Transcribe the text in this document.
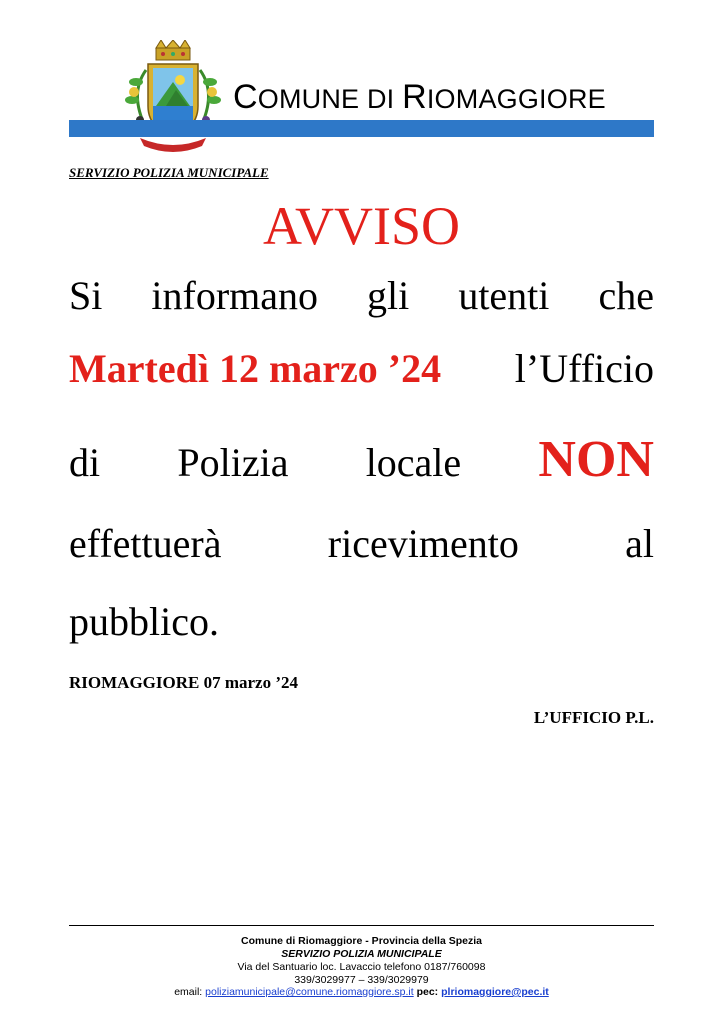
COMUNE DI RIOMAGGIORE
SERVIZIO POLIZIA MUNICIPALE
AVVISO
Si informano gli utenti che
Martedì 12 marzo ’24 l’Ufficio
di Polizia locale NON
effettuerà	ricevimento	al
pubblico.
RIOMAGGIORE 07 marzo ’24
L’UFFICIO P.L.
Comune di Riomaggiore - Provincia della Spezia
SERVIZIO POLIZIA MUNICIPALE
Via del Santuario loc. Lavaccio telefono 0187/760098
339/3029977 – 339/3029979
email: poliziamunicipale@comune.riomaggiore.sp.it pec: plriomaggiore@pec.it
